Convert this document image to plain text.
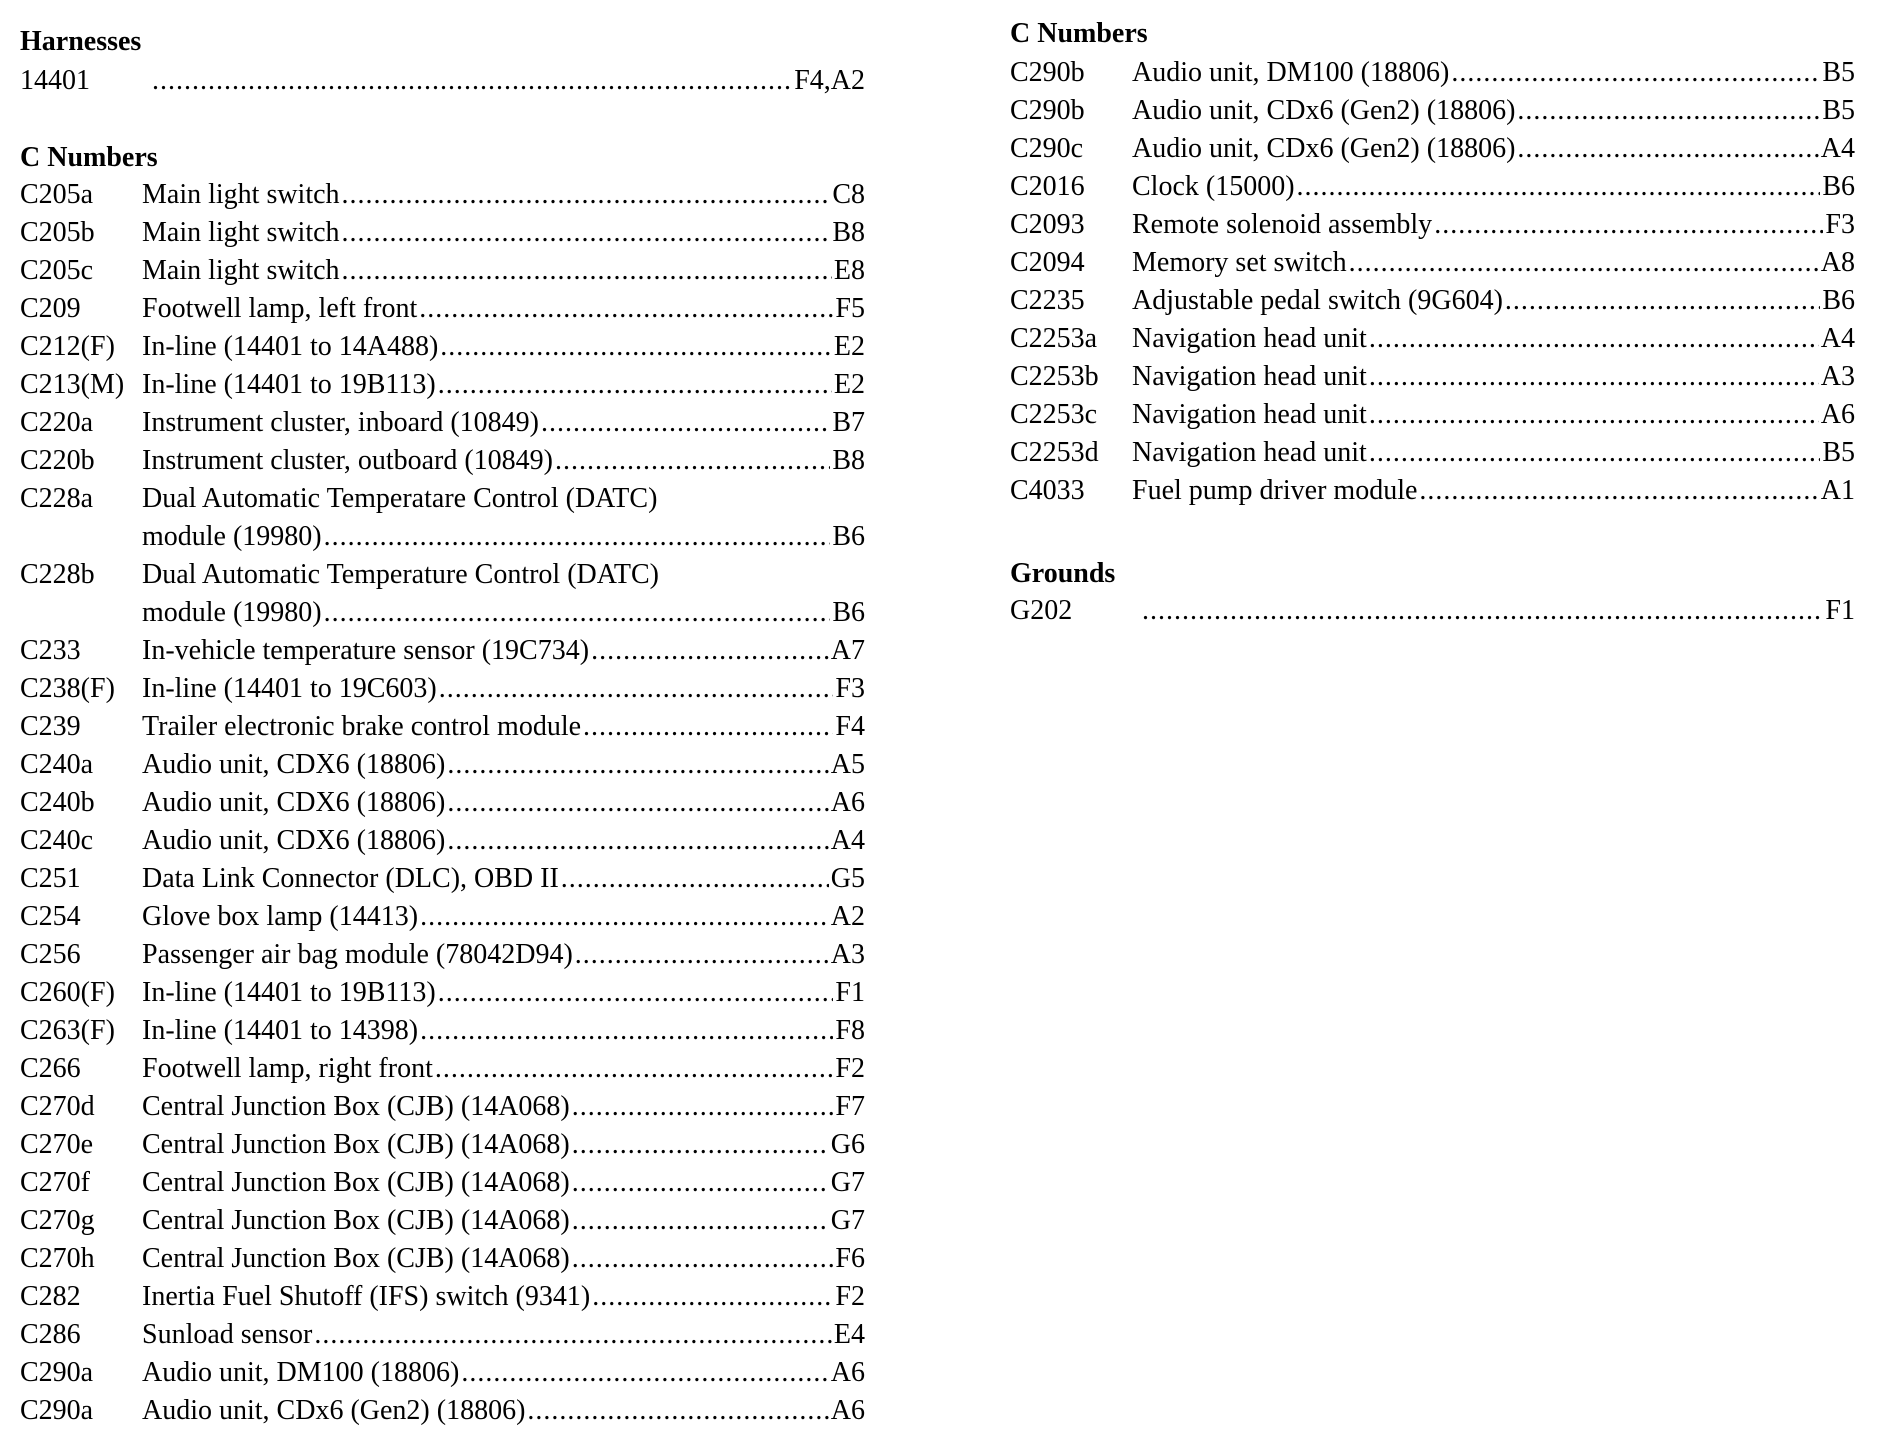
Harnesses
14401 .....	F4,A2
C Numbers
C205a Main light switch .....	C8
C205b Main light switch .....	B8
C205c Main light switch .....	E8
C209 Footwell lamp, left front .....	F5
C212(F) In-line (14401 to 14A488) .....	E2
C213(M) In-line (14401 to 19B113) .....	E2
C220a Instrument cluster, inboard (10849) .....	B7
C220b Instrument cluster, outboard (10849) .....	B8
C228a Dual Automatic Temperatare Control (DATC)
module (19980) .....	B6
C228b Dual Automatic Temperature Control (DATC)
module (19980) .....	B6
C233 In-vehicle temperature sensor (19C734) .....	A7
C238(F) In-line (14401 to 19C603) .....	F3
C239 Trailer electronic brake control module .....	F4
C240a Audio unit, CDX6 (18806) .....	A5
C240b Audio unit, CDX6 (18806) .....	A6
C240c Audio unit, CDX6 (18806) .....	A4
C251 Data Link Connector (DLC), OBD II .....	G5
C254 Glove box lamp (14413) .....	A2
C256 Passenger air bag module (78042D94) .....	A3
C260(F) In-line (14401 to 19B113) .....	F1
C263(F) In-line (14401 to 14398) .....	F8
C266 Footwell lamp, right front .....	F2
C270d Central Junction Box (CJB) (14A068) .....	F7
C270e Central Junction Box (CJB) (14A068) .....	G6
C270f Central Junction Box (CJB) (14A068) .....	G7
C270g Central Junction Box (CJB) (14A068) .....	G7
C270h Central Junction Box (CJB) (14A068) .....	F6
C282 Inertia Fuel Shutoff (IFS) switch (9341) .....	F2
C286 Sunload sensor .....	E4
C290a Audio unit, DM100 (18806) .....	A6
C290a Audio unit, CDx6 (Gen2) (18806) .....	A6
C Numbers
C290b Audio unit, DM100 (18806) .....	B5
C290b Audio unit, CDx6 (Gen2) (18806) .....	B5
C290c Audio unit, CDx6 (Gen2) (18806) .....	A4
C2016 Clock (15000) .....	B6
C2093 Remote solenoid assembly .....	F3
C2094 Memory set switch .....	A8
C2235 Adjustable pedal switch (9G604) .....	B6
C2253a Navigation head unit .....	A4
C2253b Navigation head unit .....	A3
C2253c Navigation head unit .....	A6
C2253d Navigation head unit .....	B5
C4033 Fuel pump driver module .....	A1
Grounds
G202 .....	F1
